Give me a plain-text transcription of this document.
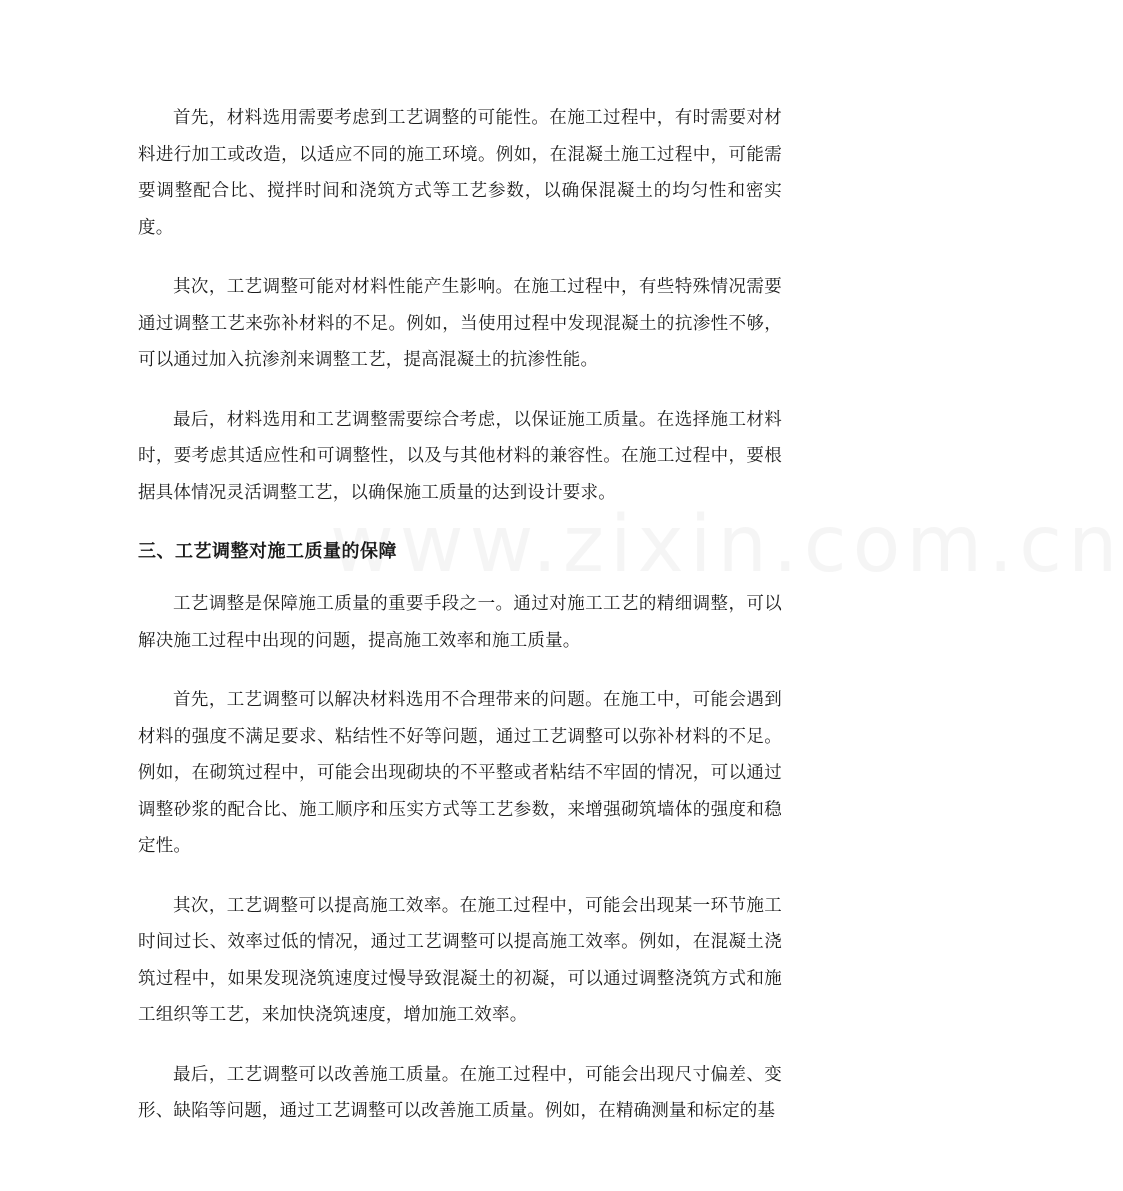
www.zixin.com.cn

首先，材料选用需要考虑到工艺调整的可能性。在施工过程中，有时需要对材料进行加工或改造，以适应不同的施工环境。例如，在混凝土施工过程中，可能需要调整配合比、搅拌时间和浇筑方式等工艺参数，以确保混凝土的均匀性和密实度。

其次，工艺调整可能对材料性能产生影响。在施工过程中，有些特殊情况需要通过调整工艺来弥补材料的不足。例如，当使用过程中发现混凝土的抗渗性不够，可以通过加入抗渗剂来调整工艺，提高混凝土的抗渗性能。

最后，材料选用和工艺调整需要综合考虑，以保证施工质量。在选择施工材料时，要考虑其适应性和可调整性，以及与其他材料的兼容性。在施工过程中，要根据具体情况灵活调整工艺，以确保施工质量的达到设计要求。

三、工艺调整对施工质量的保障

工艺调整是保障施工质量的重要手段之一。通过对施工工艺的精细调整，可以解决施工过程中出现的问题，提高施工效率和施工质量。

首先，工艺调整可以解决材料选用不合理带来的问题。在施工中，可能会遇到材料的强度不满足要求、粘结性不好等问题，通过工艺调整可以弥补材料的不足。例如，在砌筑过程中，可能会出现砌块的不平整或者粘结不牢固的情况，可以通过调整砂浆的配合比、施工顺序和压实方式等工艺参数，来增强砌筑墙体的强度和稳定性。

其次，工艺调整可以提高施工效率。在施工过程中，可能会出现某一环节施工时间过长、效率过低的情况，通过工艺调整可以提高施工效率。例如，在混凝土浇筑过程中，如果发现浇筑速度过慢导致混凝土的初凝，可以通过调整浇筑方式和施工组织等工艺，来加快浇筑速度，增加施工效率。

最后，工艺调整可以改善施工质量。在施工过程中，可能会出现尺寸偏差、变形、缺陷等问题，通过工艺调整可以改善施工质量。例如，在精确测量和标定的基
